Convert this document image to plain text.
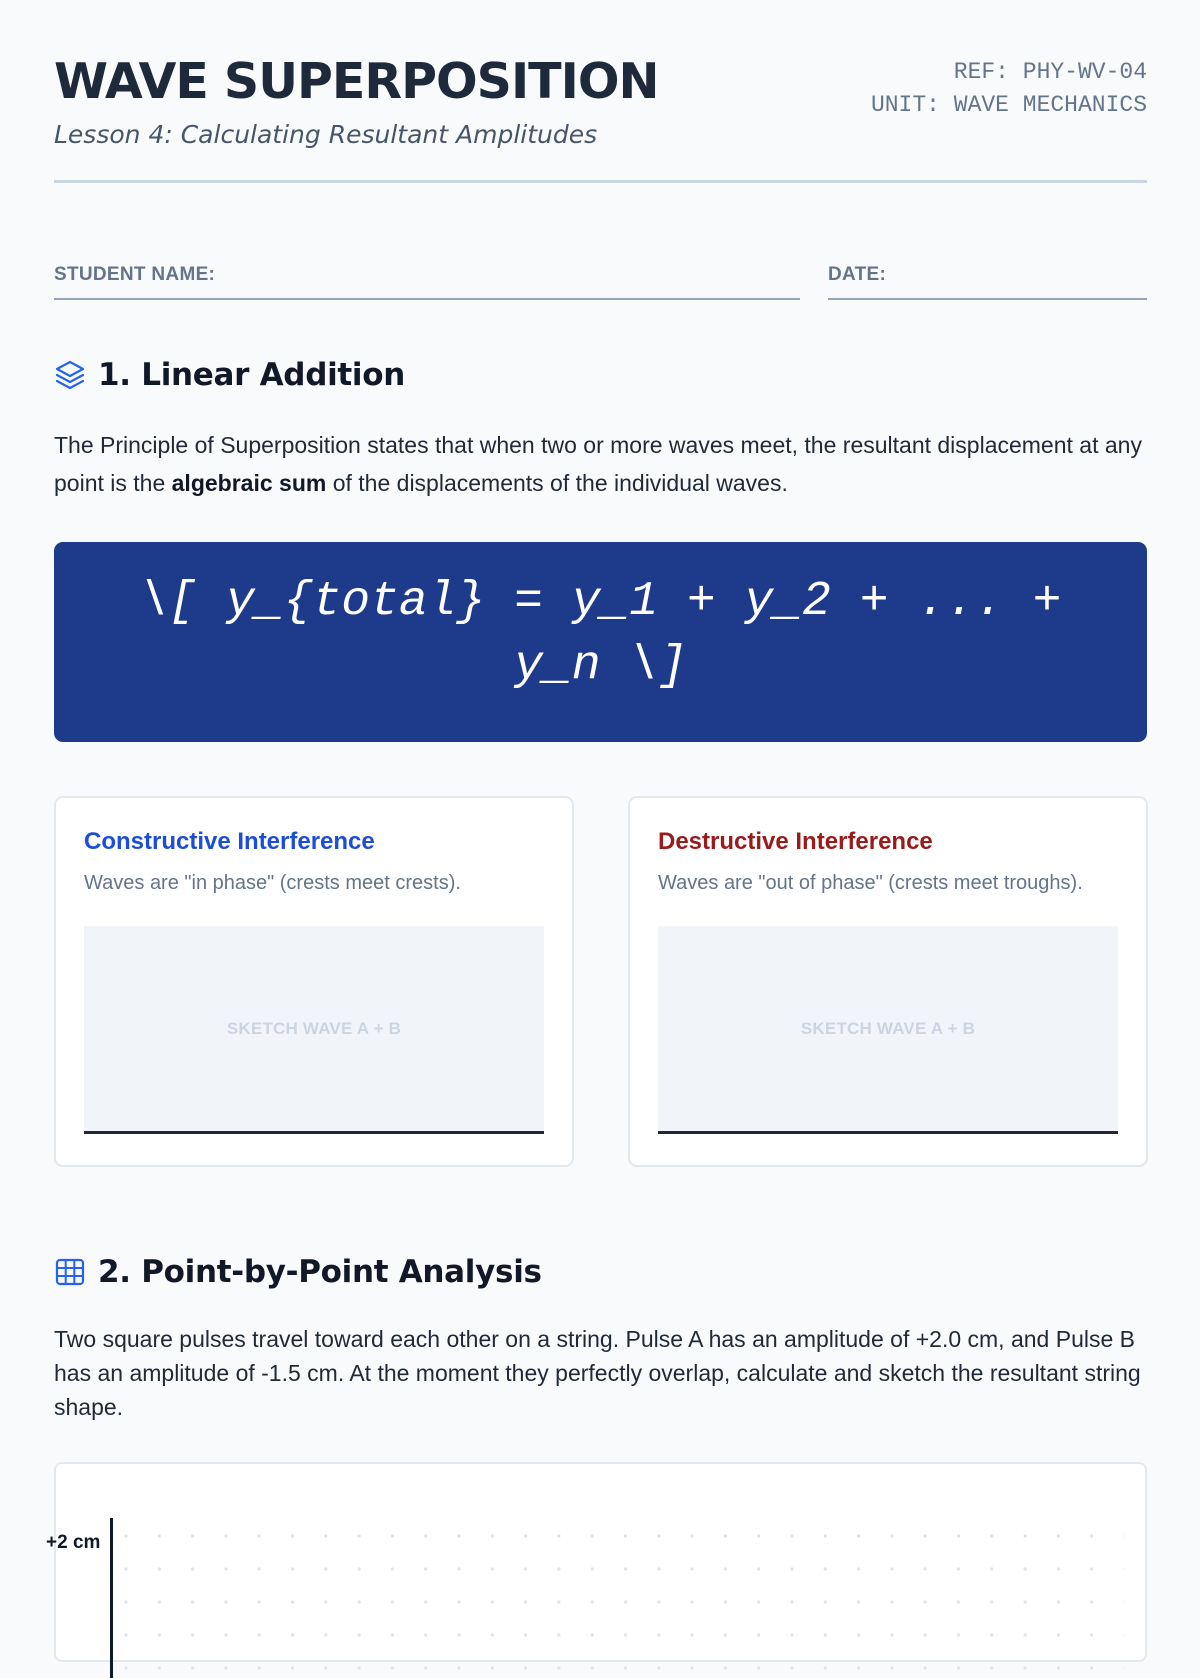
WAVE SUPERPOSITION
Lesson 4: Calculating Resultant Amplitudes
REF: PHY-WV-04
UNIT: WAVE MECHANICS
STUDENT NAME:	DATE:
1. Linear Addition

The Principle of Superposition states that when two or more waves meet, the resultant displacement at any point is the algebraic sum of the displacements of the individual waves.

\[ y_{total} = y_1 + y_2 + ... + y_n \]
Constructive Interference
Waves are "in phase" (crests meet crests).
SKETCH WAVE A + B
Destructive Interference
Waves are "out of phase" (crests meet troughs).
SKETCH WAVE A + B
2. Point-by-Point Analysis

Two square pulses travel toward each other on a string. Pulse A has an amplitude of +2.0 cm, and Pulse B has an amplitude of -1.5 cm. At the moment they perfectly overlap, calculate and sketch the resultant string shape.

+2 cm
